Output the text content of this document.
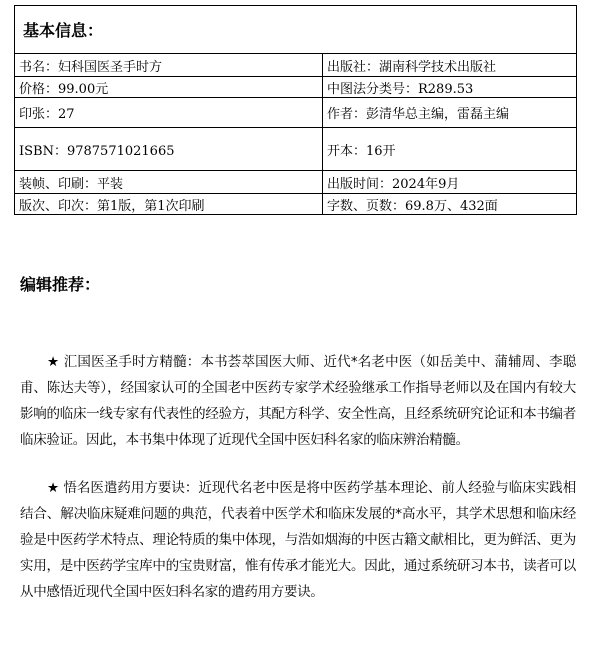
基本信息：	
书名：妇科国医圣手时方	出版社：湖南科学技术出版社
价格：99.00元	中图法分类号：R289.53
印张：27	作者：彭清华总主编，雷磊主编
ISBN：9787571021665	开本：16开
装帧、印刷：平装	出版时间：2024年9月
版次、印次：第1版，第1次印刷	字数、页数：69.8万、432面
编辑推荐：

★ 汇国医圣手时方精髓：本书荟萃国医大师、近代*名老中医（如岳美中、蒲辅周、李聪甫、陈达夫等），经国家认可的全国老中医药专家学术经验继承工作指导老师以及在国内有较大影响的临床一线专家有代表性的经验方，其配方科学、安全性高，且经系统研究论证和本书编者临床验证。因此，本书集中体现了近现代全国中医妇科名家的临床辨治精髓。

★ 悟名医遣药用方要诀：近现代名老中医是将中医药学基本理论、前人经验与临床实践相结合、解决临床疑难问题的典范，代表着中医学术和临床发展的*高水平，其学术思想和临床经验是中医药学术特点、理论特质的集中体现，与浩如烟海的中医古籍文献相比，更为鲜活、更为实用，是中医药学宝库中的宝贵财富，惟有传承才能光大。因此，通过系统研习本书，读者可以从中感悟近现代全国中医妇科名家的遣药用方要诀。
